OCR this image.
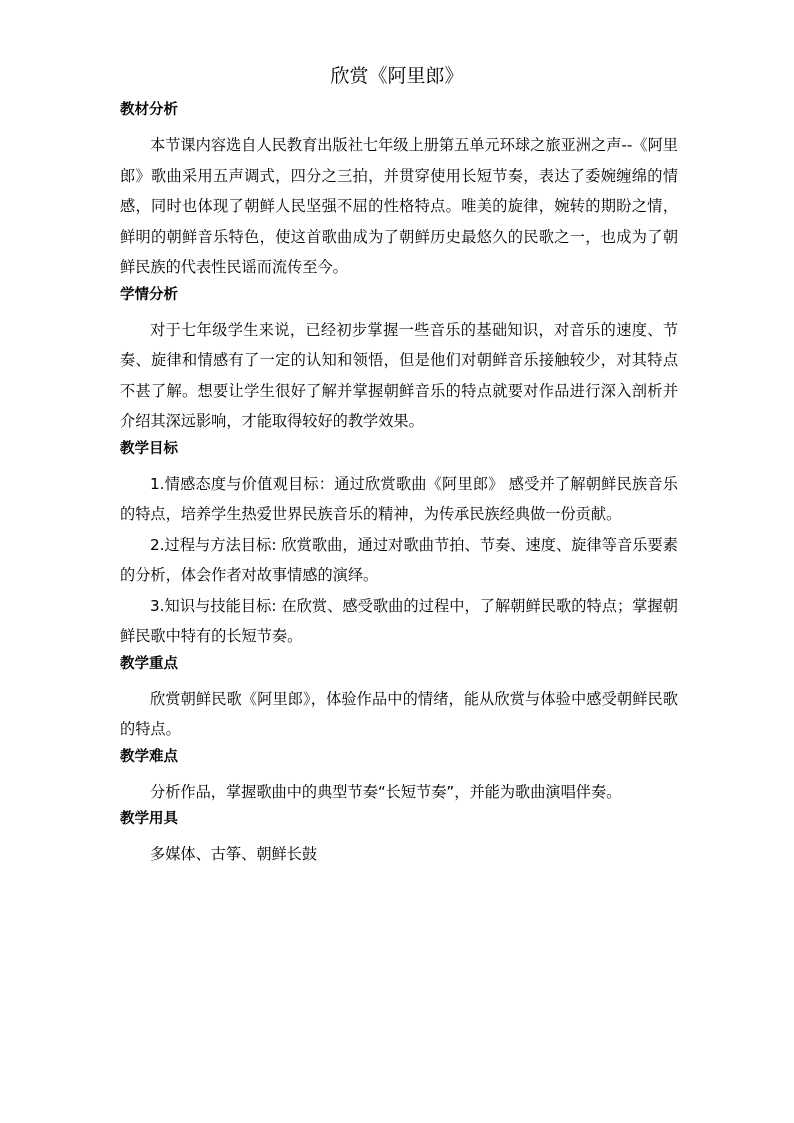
欣赏《阿里郎》
教材分析

本节课内容选自人民教育出版社七年级上册第五单元环球之旅亚洲之声--《阿里郎》歌曲采用五声调式，四分之三拍，并贯穿使用长短节奏，表达了委婉缠绵的情感，同时也体现了朝鲜人民坚强不屈的性格特点。唯美的旋律，婉转的期盼之情，鲜明的朝鲜音乐特色，使这首歌曲成为了朝鲜历史最悠久的民歌之一，也成为了朝鲜民族的代表性民谣而流传至今。

学情分析

对于七年级学生来说，已经初步掌握一些音乐的基础知识，对音乐的速度、节奏、旋律和情感有了一定的认知和领悟，但是他们对朝鲜音乐接触较少，对其特点不甚了解。想要让学生很好了解并掌握朝鲜音乐的特点就要对作品进行深入剖析并介绍其深远影响，才能取得较好的教学效果。

教学目标

1.情感态度与价值观目标：通过欣赏歌曲《阿里郎》 感受并了解朝鲜民族音乐的特点，培养学生热爱世界民族音乐的精神，为传承民族经典做一份贡献。

2.过程与方法目标: 欣赏歌曲，通过对歌曲节拍、节奏、速度、旋律等音乐要素的分析，体会作者对故事情感的演绎。

3.知识与技能目标: 在欣赏、感受歌曲的过程中，了解朝鲜民歌的特点；掌握朝鲜民歌中特有的长短节奏。

教学重点

欣赏朝鲜民歌《阿里郎》，体验作品中的情绪，能从欣赏与体验中感受朝鲜民歌的特点。

教学难点

分析作品，掌握歌曲中的典型节奏“长短节奏”，并能为歌曲演唱伴奏。

教学用具

多媒体、古筝、朝鲜长鼓
